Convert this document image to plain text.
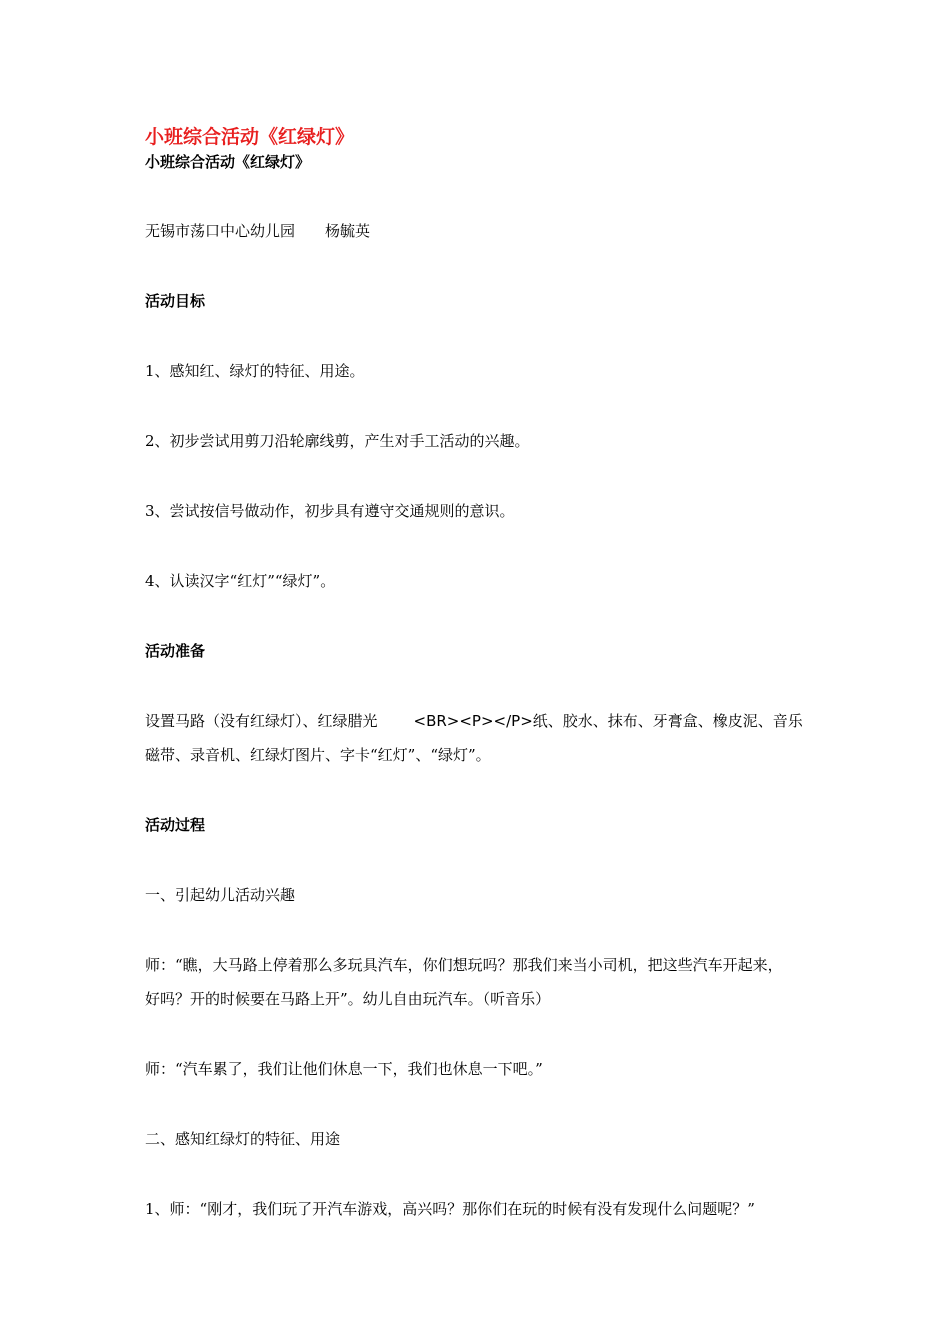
小班综合活动《红绿灯》

小班综合活动《红绿灯》

无锡市荡口中心幼儿园 杨毓英

活动目标

1、感知红、绿灯的特征、用途。

2、初步尝试用剪刀沿轮廓线剪，产生对手工活动的兴趣。

3、尝试按信号做动作，初步具有遵守交通规则的意识。

4、认读汉字“红灯”“绿灯”。

活动准备

设置马路（没有红绿灯）、红绿腊光 <BR><P></P>纸、胶水、抹布、牙膏盒、橡皮泥、音乐

磁带、录音机、红绿灯图片、字卡“红灯”、“绿灯”。

活动过程

一、引起幼儿活动兴趣

师：“瞧，大马路上停着那么多玩具汽车，你们想玩吗？那我们来当小司机，把这些汽车开起来，

好吗？开的时候要在马路上开”。幼儿自由玩汽车。（听音乐）

师：“汽车累了，我们让他们休息一下，我们也休息一下吧。”

二、感知红绿灯的特征、用途

1、师：“刚才，我们玩了开汽车游戏，高兴吗？那你们在玩的时候有没有发现什么问题呢？”
